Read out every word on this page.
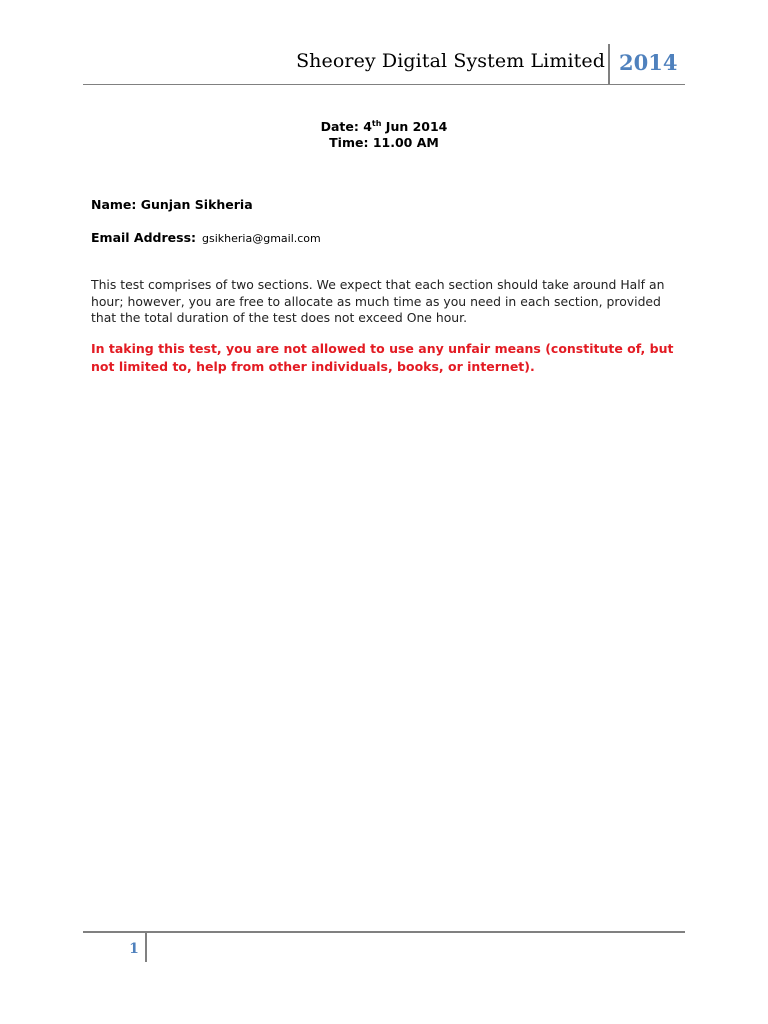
Sheorey Digital System Limited 2014
Date: 4th Jun 2014
Time: 11.00 AM
Name: Gunjan Sikheria
Email Address: gsikheria@gmail.com
This test comprises of two sections. We expect that each section should take around Half an hour; however, you are free to allocate as much time as you need in each section, provided that the total duration of the test does not exceed One hour.
In taking this test, you are not allowed to use any unfair means (constitute of, but not limited to, help from other individuals, books, or internet).
1
